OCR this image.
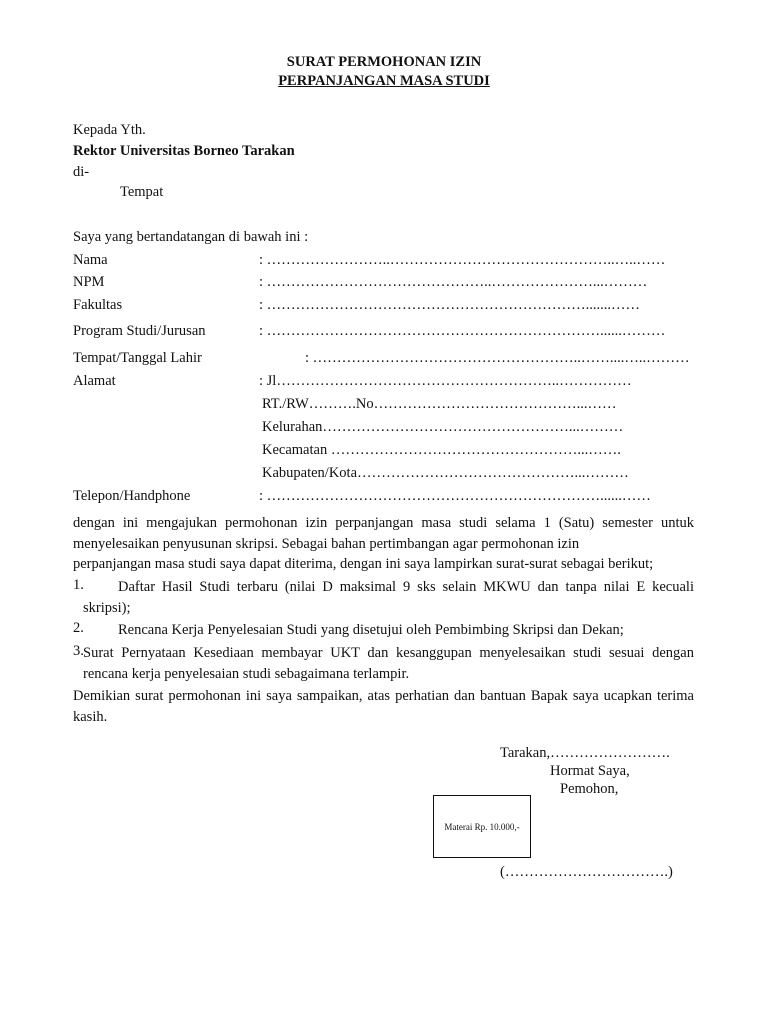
SURAT PERMOHONAN IZIN
PERPANJANGAN MASA STUDI
Kepada Yth.
Rektor Universitas Borneo Tarakan
di-
Tempat
Saya yang bertandatangan di bawah ini :
Nama	: ……………………..………………………………………..…..……
NPM	: ………………………………………..…………………...………
Fakultas	: ………………………………………………………….......……
Program Studi/Jurusan	: ……………………………………………………………......………
Tempat/Tanggal Lahir	: ………………………………………………..……....…..………
Alamat	: Jl…………………………………………………..……………
RT./RW……….No……………………………………...……
Kelurahan……………………………………………...………
Kecamatan ……………………………………………...…….
Kabupaten/Kota………………………………………...………
Telepon/Handphone	: ……………………………………………………………......……
dengan ini mengajukan permohonan izin perpanjangan masa studi selama 1 (Satu) semester untuk menyelesaikan penyusunan skripsi. Sebagai bahan pertimbangan agar permohonan izin
perpanjangan masa studi saya dapat diterima, dengan ini saya lampirkan surat-surat sebagai berikut;
1.	Daftar Hasil Studi terbaru (nilai D maksimal 9 sks selain MKWU dan tanpa nilai E kecuali skripsi);
2.	Rencana Kerja Penyelesaian Studi yang disetujui oleh Pembimbing Skripsi dan Dekan;
3. Surat Pernyataan Kesediaan membayar UKT dan kesanggupan menyelesaikan studi sesuai dengan rencana kerja penyelesaian studi sebagaimana terlampir.
Demikian surat permohonan ini saya sampaikan, atas perhatian dan bantuan Bapak saya ucapkan terima kasih.
Tarakan,…………………….
Hormat Saya,
Pemohon,
Materai Rp. 10.000,-
(…………………………….)
